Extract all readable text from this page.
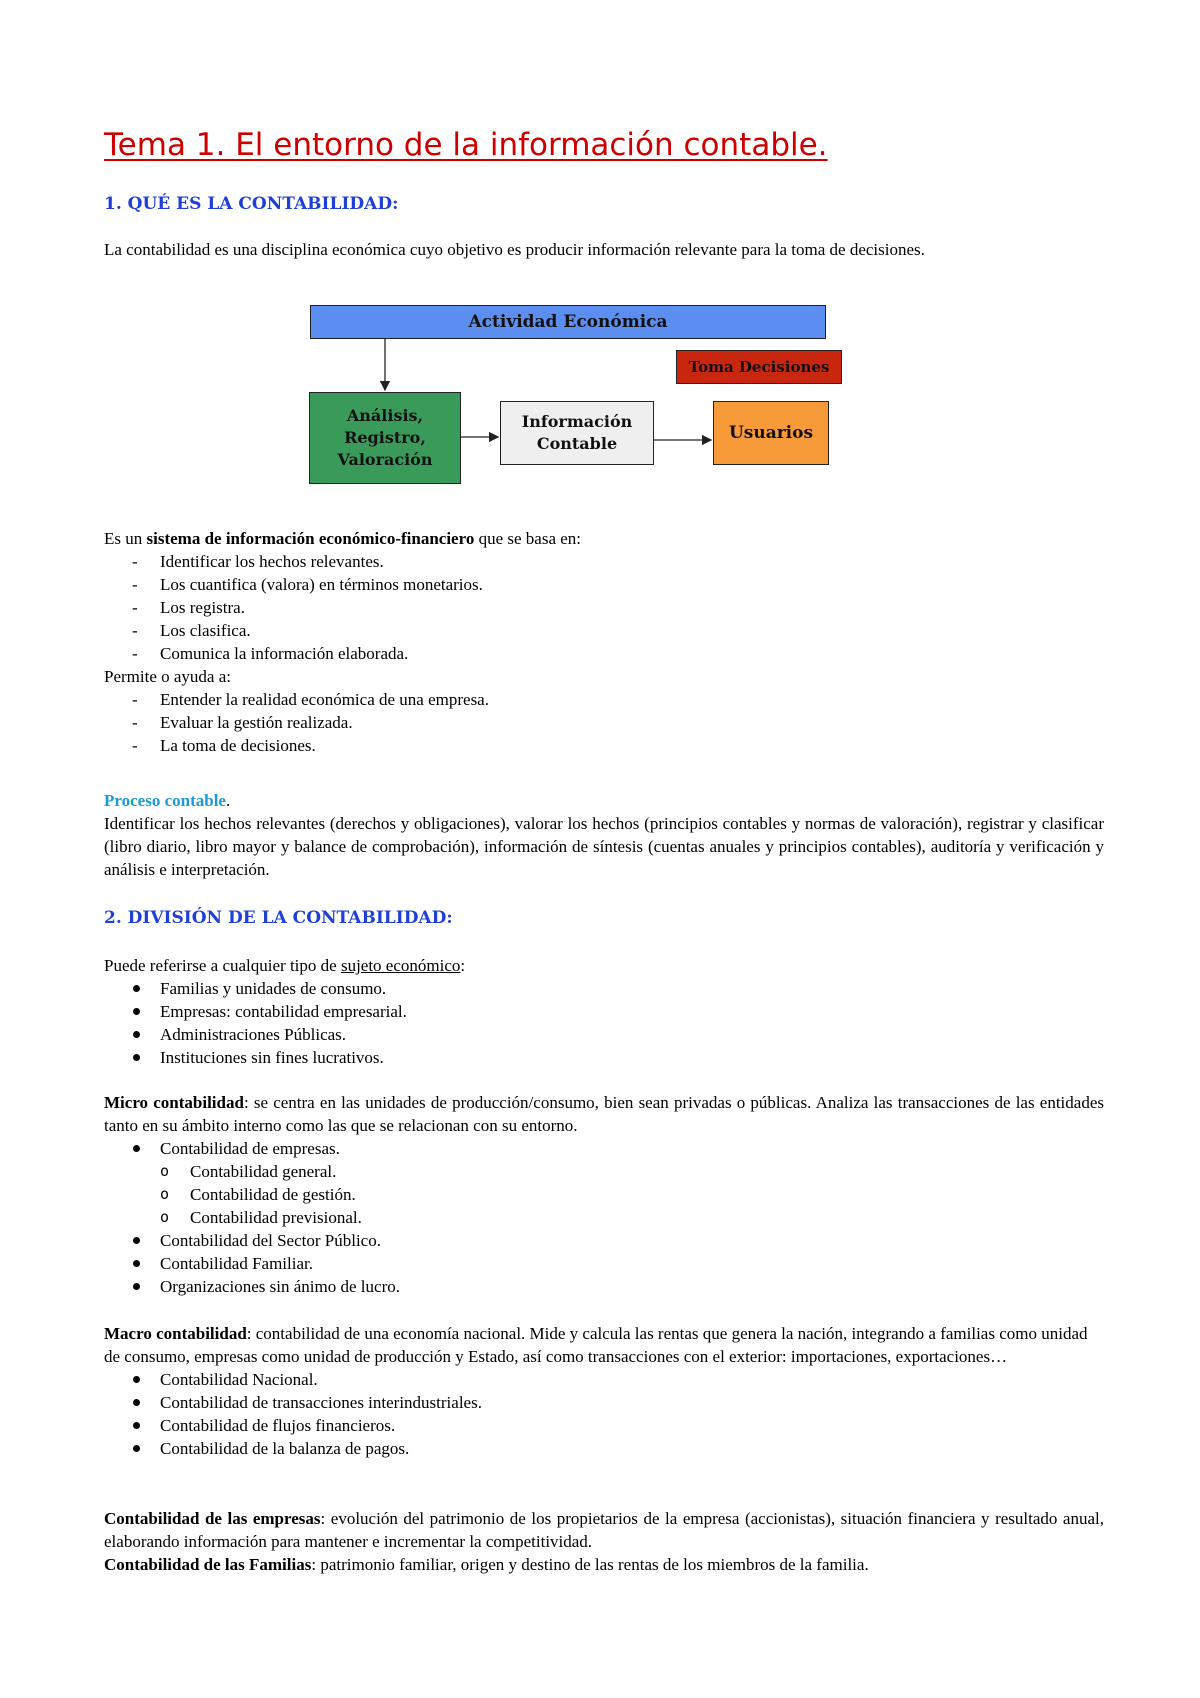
Tema 1. El entorno de la información contable.
1. QUÉ ES LA CONTABILIDAD:

La contabilidad es una disciplina económica cuyo objetivo es producir información relevante para la toma de decisiones.

Actividad Económica
Toma Decisiones
Análisis,
Registro,
Valoración
Información
Contable
Usuarios

Es un sistema de información económico-financiero que se basa en:

- Identificar los hechos relevantes.
- Los cuantifica (valora) en términos monetarios.
- Los registra.
- Los clasifica.
- Comunica la información elaborada.

Permite o ayuda a:

- Entender la realidad económica de una empresa.
- Evaluar la gestión realizada.
- La toma de decisiones.

Proceso contable.

Identificar los hechos relevantes (derechos y obligaciones), valorar los hechos (principios contables y normas de valoración), registrar y clasificar (libro diario, libro mayor y balance de comprobación), información de síntesis (cuentas anuales y principios contables), auditoría y verificación y análisis e interpretación.

2. DIVISIÓN DE LA CONTABILIDAD:

Puede referirse a cualquier tipo de sujeto económico:

Familias y unidades de consumo.
Empresas: contabilidad empresarial.
Administraciones Públicas.
Instituciones sin fines lucrativos.

Micro contabilidad: se centra en las unidades de producción/consumo, bien sean privadas o públicas. Analiza las transacciones de las entidades tanto en su ámbito interno como las que se relacionan con su entorno.

Contabilidad de empresas.
o Contabilidad general.
o Contabilidad de gestión.
o Contabilidad previsional.
Contabilidad del Sector Público.
Contabilidad Familiar.
Organizaciones sin ánimo de lucro.

Macro contabilidad: contabilidad de una economía nacional. Mide y calcula las rentas que genera la nación, integrando a familias como unidad de consumo, empresas como unidad de producción y Estado, así como transacciones con el exterior: importaciones, exportaciones…

Contabilidad Nacional.
Contabilidad de transacciones interindustriales.
Contabilidad de flujos financieros.
Contabilidad de la balanza de pagos.

Contabilidad de las empresas: evolución del patrimonio de los propietarios de la empresa (accionistas), situación financiera y resultado anual, elaborando información para mantener e incrementar la competitividad.

Contabilidad de las Familias: patrimonio familiar, origen y destino de las rentas de los miembros de la familia.
